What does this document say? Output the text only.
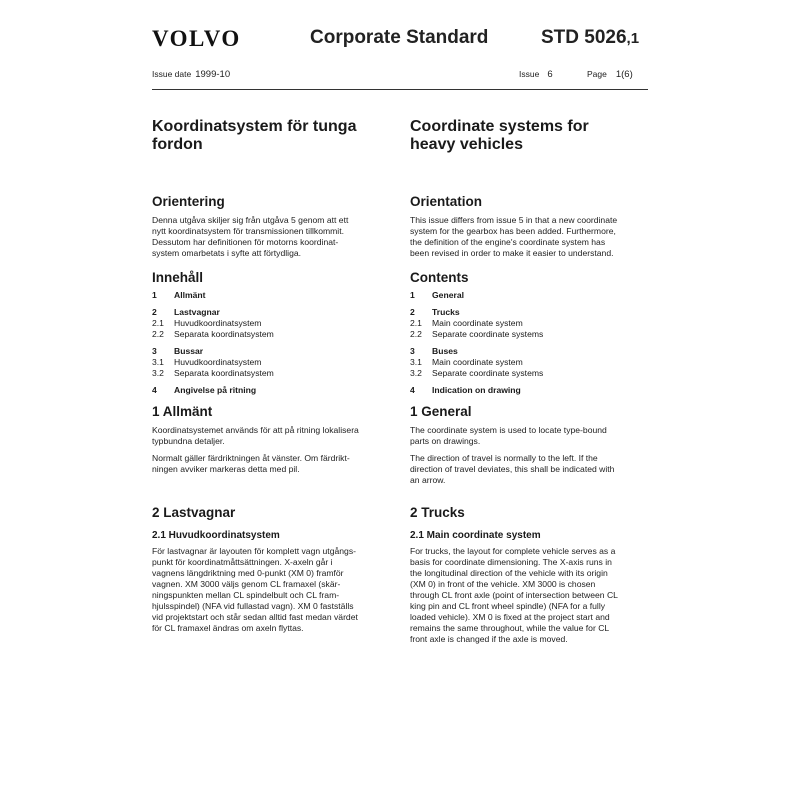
VOLVO	Corporate Standard	STD 5026,1
Issue date 1999-10	Issue 6	Page 1(6)
Koordinatsystem för tunga
fordon
Orientering

Denna utgåva skiljer sig från utgåva 5 genom att ett
nytt koordinatsystem för transmissionen tillkommit.
Dessutom har definitionen för motorns koordinat-
system omarbetats i syfte att förtydliga.

Innehåll
1	Allmänt
2	Lastvagnar
2.1	Huvudkoordinatsystem
2.2	Separata koordinatsystem
3	Bussar
3.1	Huvudkoordinatsystem
3.2	Separata koordinatsystem
4	Angivelse på ritning
1 Allmänt

Koordinatsystemet används för att på ritning lokalisera
typbundna detaljer.

Normalt gäller färdriktningen åt vänster. Om färdrikt-
ningen avviker markeras detta med pil.

2 Lastvagnar
2.1 Huvudkoordinatsystem

För lastvagnar är layouten för komplett vagn utgångs-
punkt för koordinatmåttsättningen. X-axeln går i
vagnens längdriktning med 0-punkt (XM 0) framför
vagnen. XM 3000 väljs genom CL framaxel (skär-
ningspunkten mellan CL spindelbult och CL fram-
hjulsspindel) (NFA vid fullastad vagn). XM 0 fastställs
vid projektstart och står sedan alltid fast medan värdet
för CL framaxel ändras om axeln flyttas.

Coordinate systems for
heavy vehicles
Orientation

This issue differs from issue 5 in that a new coordinate
system for the gearbox has been added. Furthermore,
the definition of the engine's coordinate system has
been revised in order to make it easier to understand.

Contents
1	General
2	Trucks
2.1	Main coordinate system
2.2	Separate coordinate systems
3	Buses
3.1	Main coordinate system
3.2	Separate coordinate systems
4	Indication on drawing
1 General

The coordinate system is used to locate type-bound
parts on drawings.

The direction of travel is normally to the left. If the
direction of travel deviates, this shall be indicated with
an arrow.

2 Trucks
2.1 Main coordinate system

For trucks, the layout for complete vehicle serves as a
basis for coordinate dimensioning. The X-axis runs in
the longitudinal direction of the vehicle with its origin
(XM 0) in front of the vehicle. XM 3000 is chosen
through CL front axle (point of intersection between CL
king pin and CL front wheel spindle) (NFA for a fully
loaded vehicle). XM 0 is fixed at the project start and
remains the same throughout, while the value for CL
front axle is changed if the axle is moved.
